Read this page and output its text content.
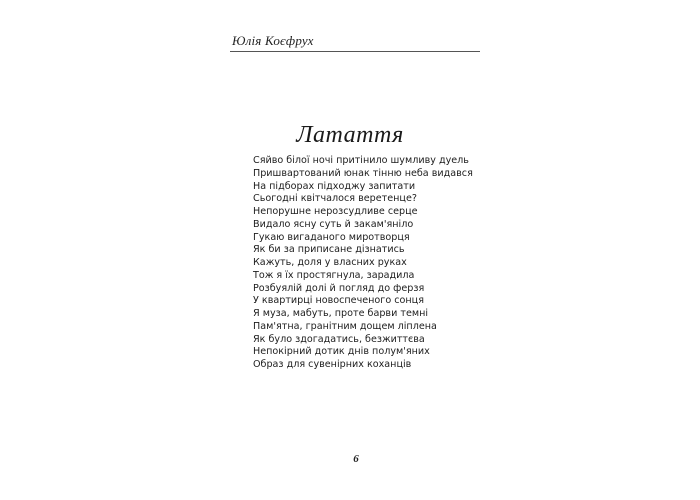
Юлія Коєфрух
Латаття
Сяйво білої ночі притінило шумливу дуель
Пришвартований юнак тінню неба видався
На підборах підходжу запитати
Сьогодні квітчалося веретенце?
Непорушне нерозсудливе серце
Видало ясну суть й закам'яніло
Гукаю вигаданого миротворця
Як би за приписане дізнатись
Кажуть, доля у власних руках
Тож я їх простягнула, зарадила
Розбуялій долі й погляд до ферзя
У квартирці новоспеченого сонця
Я муза, мабуть, проте барви темні
Пам'ятна, гранітним дощем ліплена
Як було здогадатись, безжиттєва
Непокірний дотик днів полум'яних
Образ для сувенірних коханців
6
